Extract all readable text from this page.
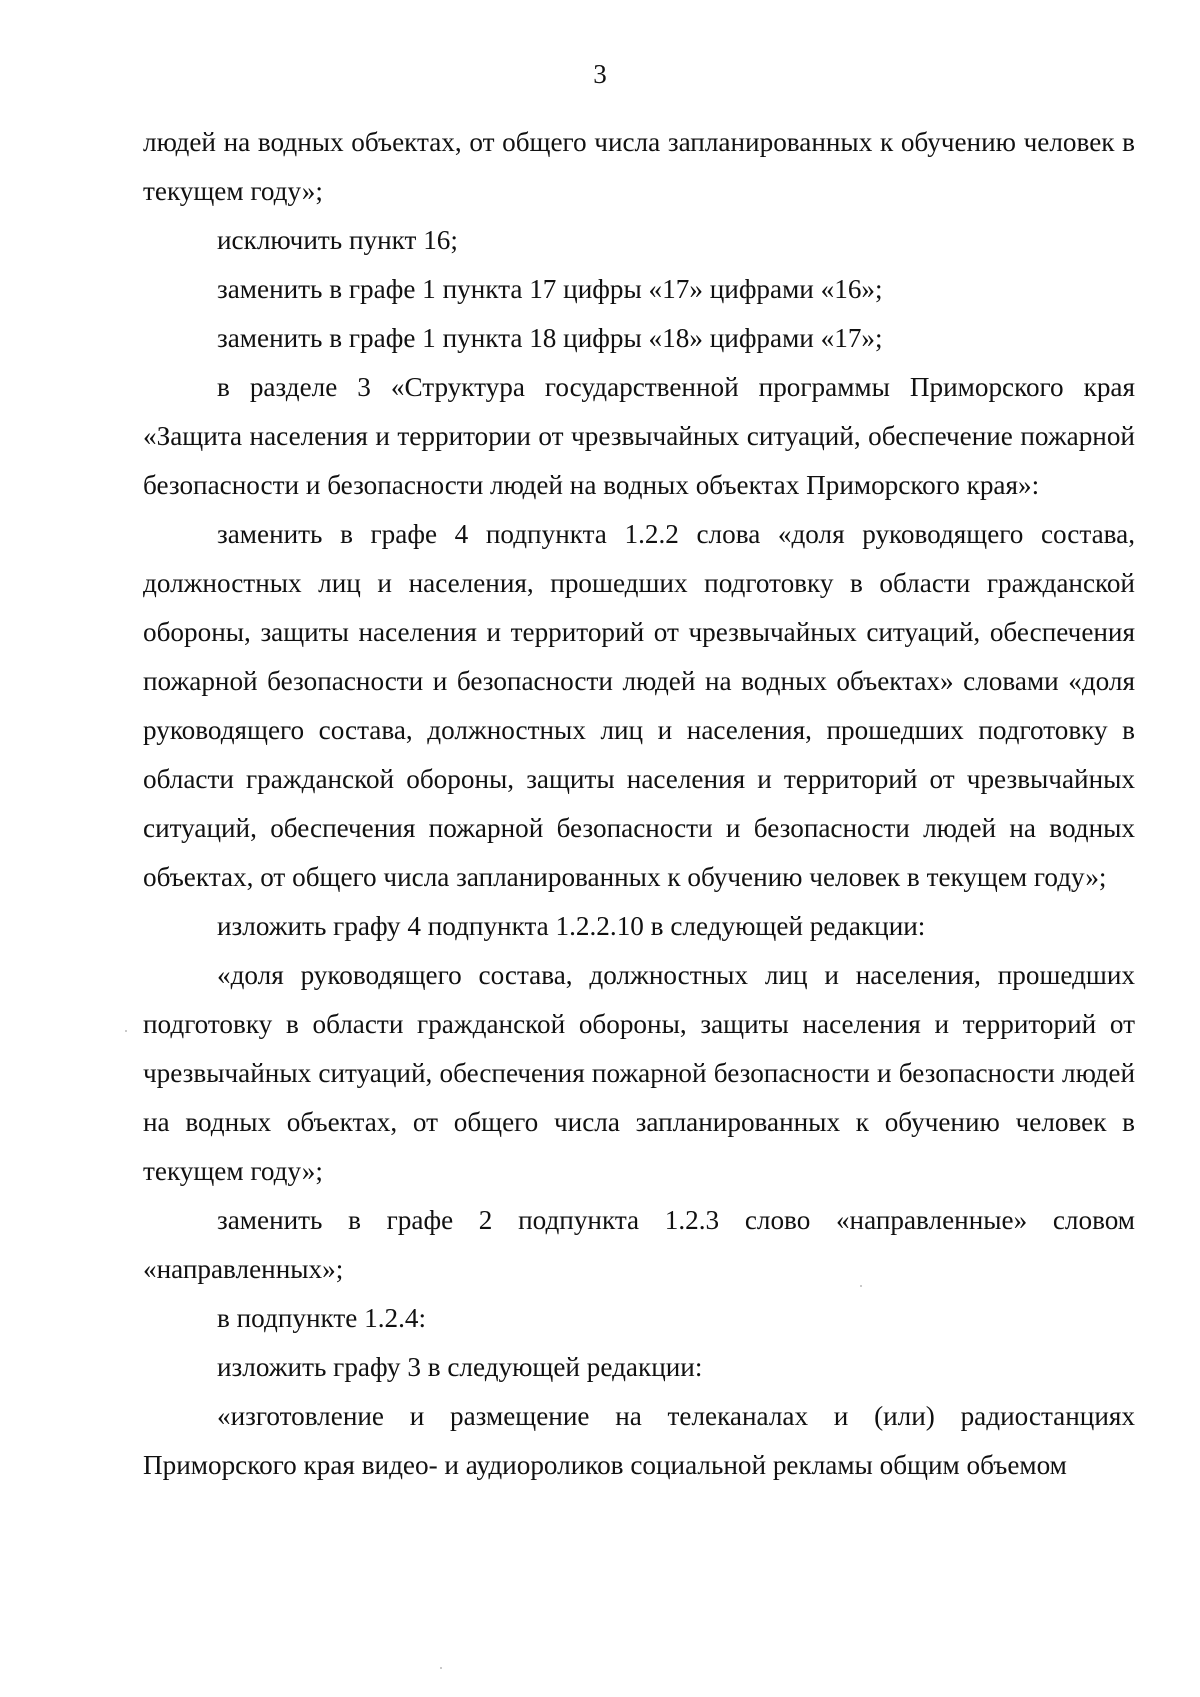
3

людей на водных объектах, от общего числа запланированных к обучению человек в текущем году»;

исключить пункт 16;

заменить в графе 1 пункта 17 цифры «17» цифрами «16»;

заменить в графе 1 пункта 18 цифры «18» цифрами «17»;

в разделе 3 «Структура государственной программы Приморского края «Защита населения и территории от чрезвычайных ситуаций, обеспечение пожарной безопасности и безопасности людей на водных объектах Приморского края»:

заменить в графе 4 подпункта 1.2.2 слова «доля руководящего состава, должностных лиц и населения, прошедших подготовку в области гражданской обороны, защиты населения и территорий от чрезвычайных ситуаций, обеспечения пожарной безопасности и безопасности людей на водных объектах» словами «доля руководящего состава, должностных лиц и населения, прошедших подготовку в области гражданской обороны, защиты населения и территорий от чрезвычайных ситуаций, обеспечения пожарной безопасности и безопасности людей на водных объектах, от общего числа запланированных к обучению человек в текущем году»;

изложить графу 4 подпункта 1.2.2.10 в следующей редакции:

«доля руководящего состава, должностных лиц и населения, прошедших подготовку в области гражданской обороны, защиты населения и территорий от чрезвычайных ситуаций, обеспечения пожарной безопасности и безопасности людей на водных объектах, от общего числа запланированных к обучению человек в текущем году»;

заменить в графе 2 подпункта 1.2.3 слово «направленные» словом «направленных»;

в подпункте 1.2.4:

изложить графу 3 в следующей редакции:

«изготовление и размещение на телеканалах и (или) радиостанциях Приморского края видео- и аудиороликов социальной рекламы общим объемом
